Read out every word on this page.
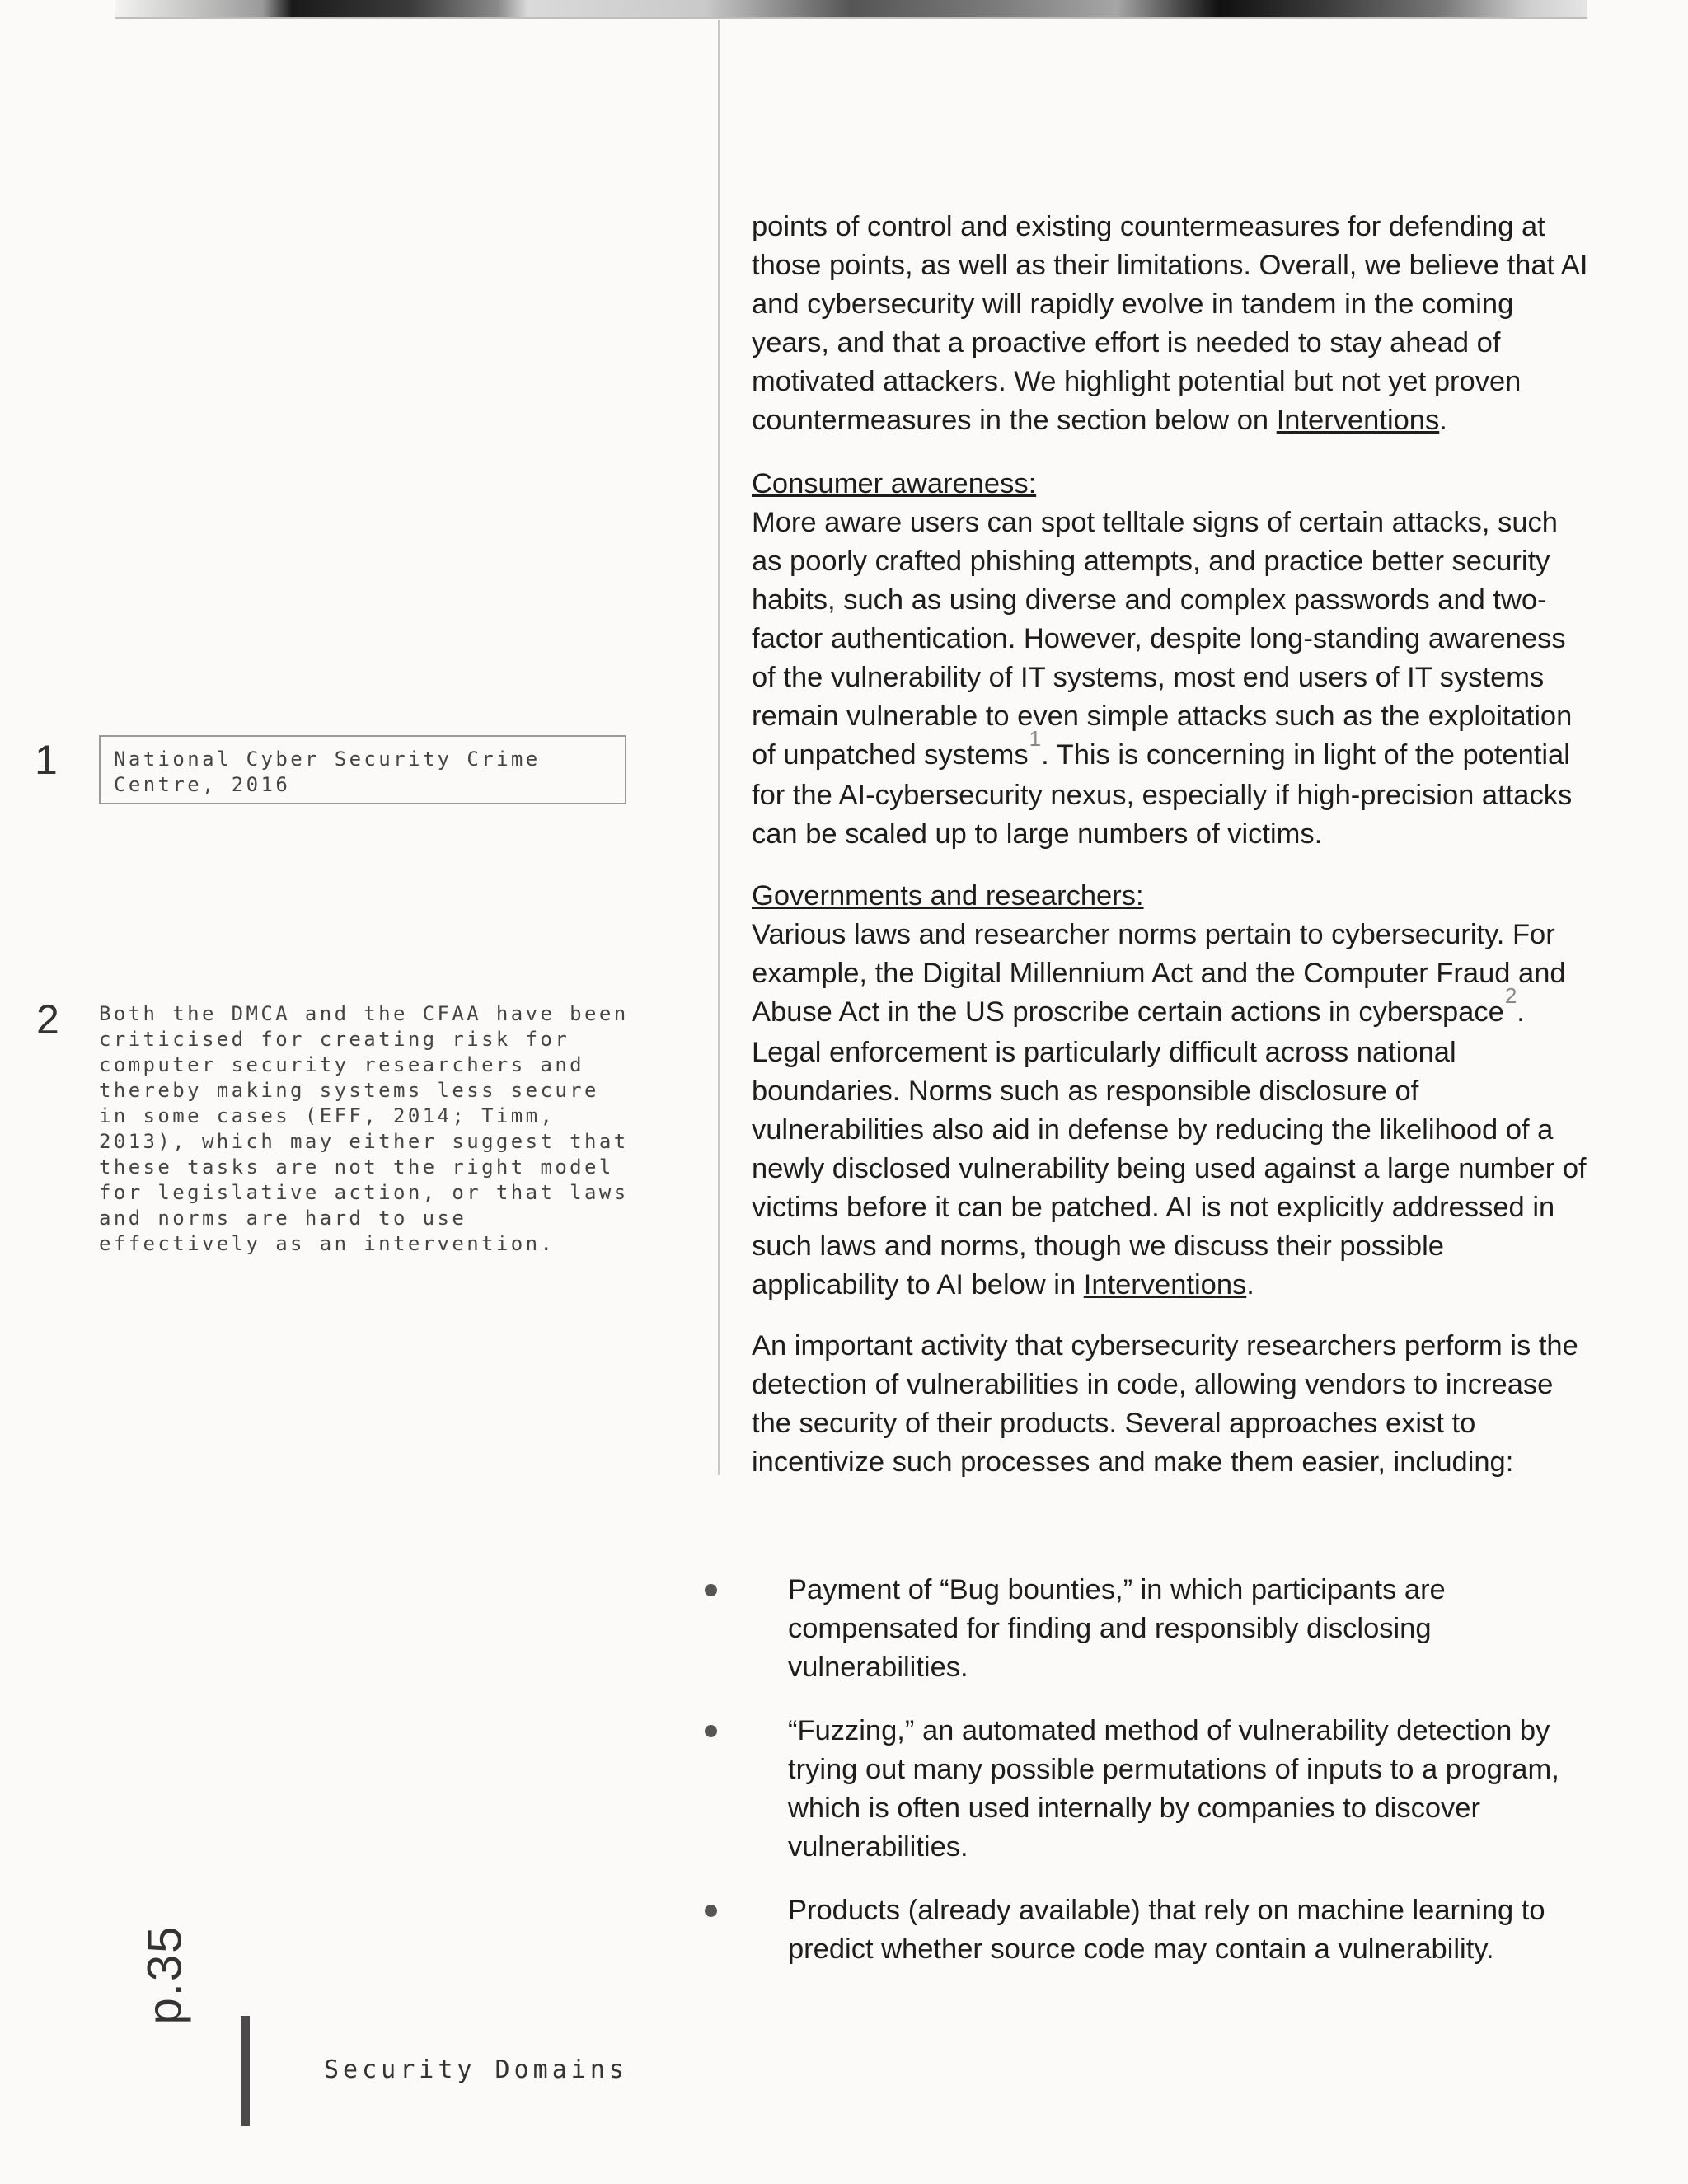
1	National Cyber Security Crime Centre, 2016
2 Both the DMCA and the CFAA have been criticised for creating risk for computer security researchers and thereby making systems less secure in some cases (EFF, 2014; Timm, 2013), which may either suggest that these tasks are not the right model for legislative action, or that laws and norms are hard to use effectively as an intervention.

points of control and existing countermeasures for defending at those points, as well as their limitations. Overall, we believe that AI and cybersecurity will rapidly evolve in tandem in the coming years, and that a proactive effort is needed to stay ahead of motivated attackers. We highlight potential but not yet proven countermeasures in the section below on Interventions.

Consumer awareness:

More aware users can spot telltale signs of certain attacks, such as poorly crafted phishing attempts, and practice better security habits, such as using diverse and complex passwords and two-factor authentication. However, despite long-standing awareness of the vulnerability of IT systems, most end users of IT systems remain vulnerable to even simple attacks such as the exploitation of unpatched systems$^1$. This is concerning in light of the potential for the AI-cybersecurity nexus, especially if high-precision attacks can be scaled up to large numbers of victims.

Governments and researchers:

Various laws and researcher norms pertain to cybersecurity. For example, the Digital Millennium Act and the Computer Fraud and Abuse Act in the US proscribe certain actions in cyberspace$^2$. Legal enforcement is particularly difficult across national boundaries. Norms such as responsible disclosure of vulnerabilities also aid in defense by reducing the likelihood of a newly disclosed vulnerability being used against a large number of victims before it can be patched. AI is not explicitly addressed in such laws and norms, though we discuss their possible applicability to AI below in Interventions.

An important activity that cybersecurity researchers perform is the detection of vulnerabilities in code, allowing vendors to increase the security of their products. Several approaches exist to incentivize such processes and make them easier, including:

Payment of “Bug bounties,” in which participants are compensated for finding and responsibly disclosing vulnerabilities.
“Fuzzing,” an automated method of vulnerability detection by trying out many possible permutations of inputs to a program, which is often used internally by companies to discover vulnerabilities.
Products (already available) that rely on machine learning to predict whether source code may contain a vulnerability.
p.35
Security Domains
